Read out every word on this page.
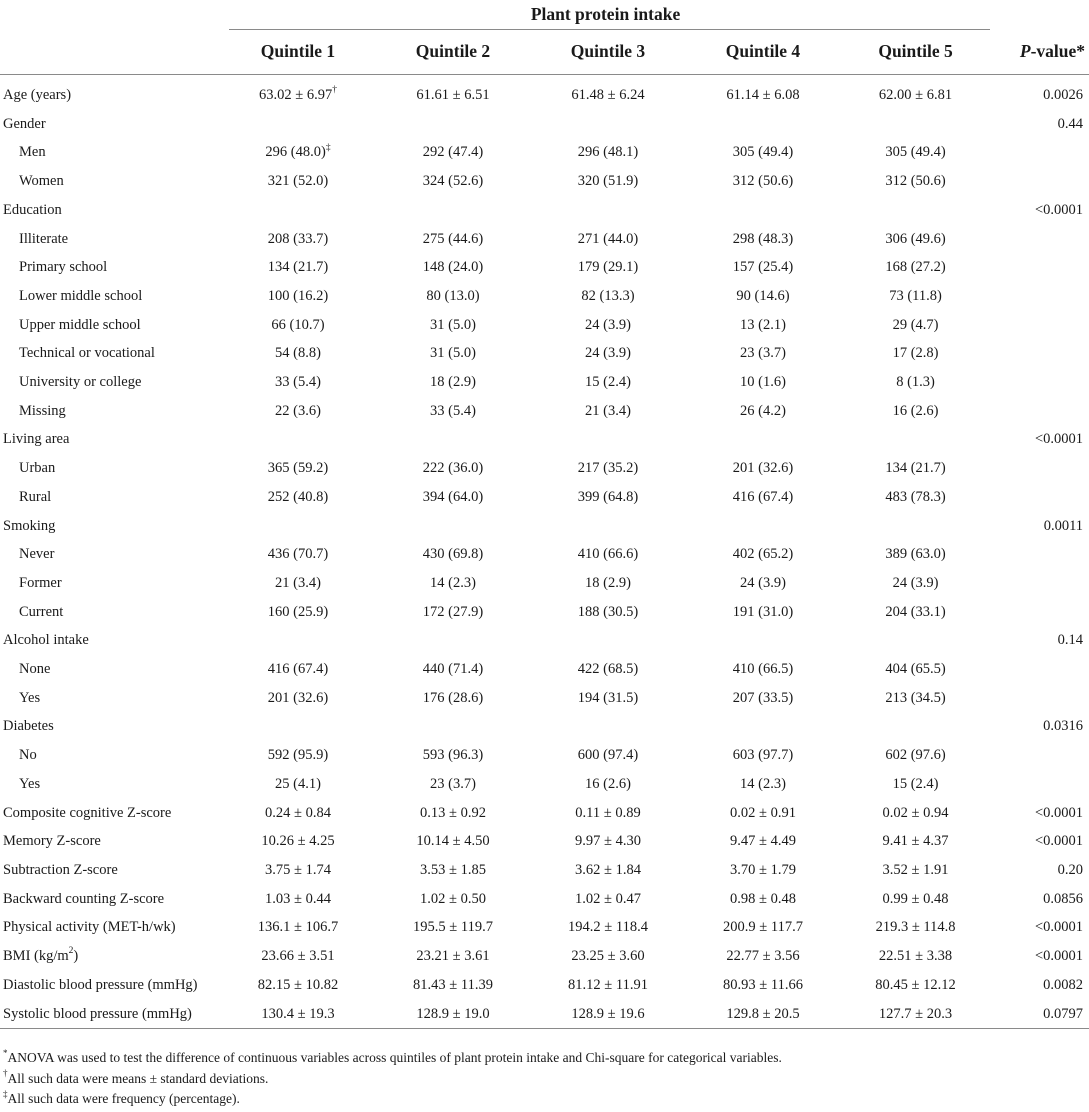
	Plant protein intake				

	Quintile 1	Quintile 2	Quintile 3	Quintile 4	Quintile 5	P-value*
Age (years)	63.02 ± 6.97†	61.61 ± 6.51	61.48 ± 6.24	61.14 ± 6.08	62.00 ± 6.81	0.0026
Gender						0.44
Men	296 (48.0)‡	292 (47.4)	296 (48.1)	305 (49.4)	305 (49.4)	
Women	321 (52.0)	324 (52.6)	320 (51.9)	312 (50.6)	312 (50.6)	
Education						<0.0001
Illiterate	208 (33.7)	275 (44.6)	271 (44.0)	298 (48.3)	306 (49.6)	
Primary school	134 (21.7)	148 (24.0)	179 (29.1)	157 (25.4)	168 (27.2)	
Lower middle school	100 (16.2)	80 (13.0)	82 (13.3)	90 (14.6)	73 (11.8)	
Upper middle school	66 (10.7)	31 (5.0)	24 (3.9)	13 (2.1)	29 (4.7)	
Technical or vocational	54 (8.8)	31 (5.0)	24 (3.9)	23 (3.7)	17 (2.8)	
University or college	33 (5.4)	18 (2.9)	15 (2.4)	10 (1.6)	8 (1.3)	
Missing	22 (3.6)	33 (5.4)	21 (3.4)	26 (4.2)	16 (2.6)	
Living area						<0.0001
Urban	365 (59.2)	222 (36.0)	217 (35.2)	201 (32.6)	134 (21.7)	
Rural	252 (40.8)	394 (64.0)	399 (64.8)	416 (67.4)	483 (78.3)	
Smoking						0.0011
Never	436 (70.7)	430 (69.8)	410 (66.6)	402 (65.2)	389 (63.0)	
Former	21 (3.4)	14 (2.3)	18 (2.9)	24 (3.9)	24 (3.9)	
Current	160 (25.9)	172 (27.9)	188 (30.5)	191 (31.0)	204 (33.1)	
Alcohol intake						0.14
None	416 (67.4)	440 (71.4)	422 (68.5)	410 (66.5)	404 (65.5)	
Yes	201 (32.6)	176 (28.6)	194 (31.5)	207 (33.5)	213 (34.5)	
Diabetes						0.0316
No	592 (95.9)	593 (96.3)	600 (97.4)	603 (97.7)	602 (97.6)	
Yes	25 (4.1)	23 (3.7)	16 (2.6)	14 (2.3)	15 (2.4)	
Composite cognitive Z-score	0.24 ± 0.84	0.13 ± 0.92	0.11 ± 0.89	0.02 ± 0.91	0.02 ± 0.94	<0.0001
Memory Z-score	10.26 ± 4.25	10.14 ± 4.50	9.97 ± 4.30	9.47 ± 4.49	9.41 ± 4.37	<0.0001
Subtraction Z-score	3.75 ± 1.74	3.53 ± 1.85	3.62 ± 1.84	3.70 ± 1.79	3.52 ± 1.91	0.20
Backward counting Z-score	1.03 ± 0.44	1.02 ± 0.50	1.02 ± 0.47	0.98 ± 0.48	0.99 ± 0.48	0.0856
Physical activity (MET-h/wk)	136.1 ± 106.7	195.5 ± 119.7	194.2 ± 118.4	200.9 ± 117.7	219.3 ± 114.8	<0.0001
BMI $(kg/m^2)$	23.66 ± 3.51	23.21 ± 3.61	23.25 ± 3.60	22.77 ± 3.56	22.51 ± 3.38	<0.0001
Diastolic blood pressure (mmHg)	82.15 ± 10.82	81.43 ± 11.39	81.12 ± 11.91	80.93 ± 11.66	80.45 ± 12.12	0.0082
Systolic blood pressure (mmHg)	130.4 ± 19.3	128.9 ± 19.0	128.9 ± 19.6	129.8 ± 20.5	127.7 ± 20.3	0.0797
*ANOVA was used to test the difference of continuous variables across quintiles of plant protein intake and Chi-square for categorical variables.
†All such data were means ± standard deviations.
‡All such data were frequency (percentage).
